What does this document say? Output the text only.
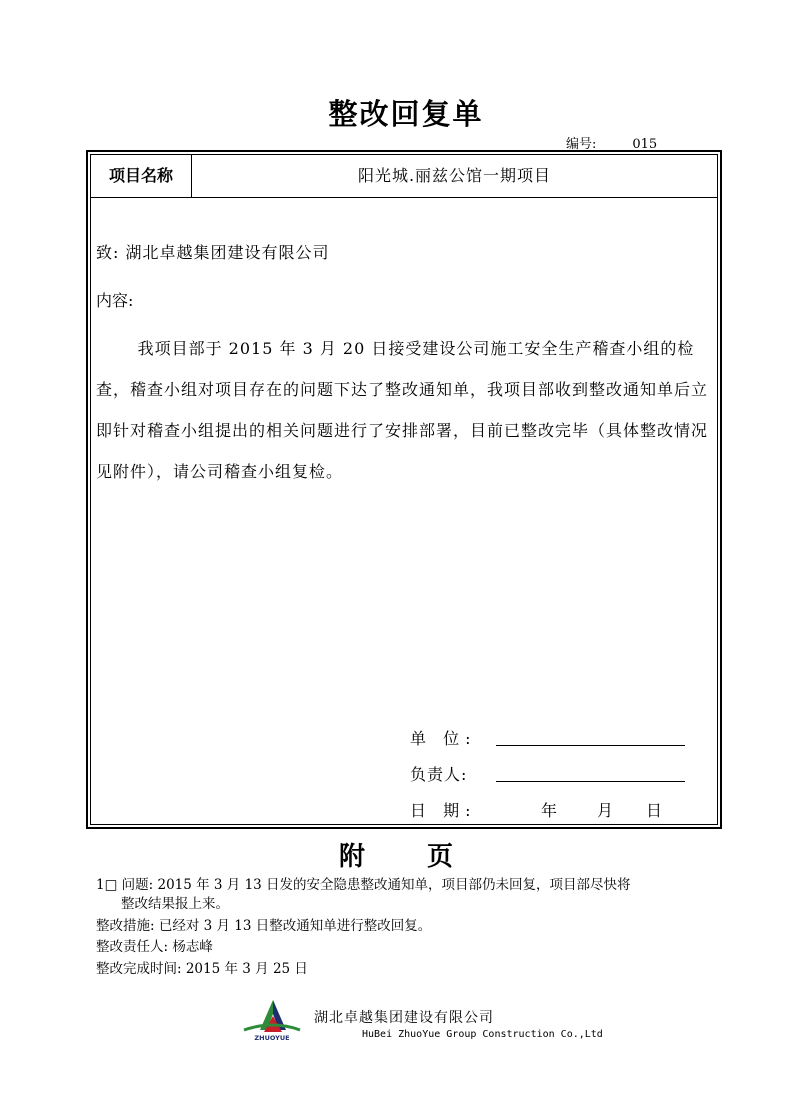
整改回复单
编号:	015
项目名称	阳光城.丽兹公馆一期项目
致: 湖北卓越集团建设有限公司
内容:

我项目部于 2015 年 3 月 20 日接受建设公司施工安全生产稽查小组的检查，稽查小组对项目存在的问题下达了整改通知单，我项目部收到整改通知单后立即针对稽查小组提出的相关问题进行了安排部署，目前已整改完毕（具体整改情况见附件），请公司稽查小组复检。

单 位:
负责人:
日 期:	年 月 日
附 页
1□ 问题: 2015 年 3 月 13 日发的安全隐患整改通知单，项目部仍未回复，项目部尽快将
整改结果报上来。
整改措施: 已经对 3 月 13 日整改通知单进行整改回复。
整改责任人: 杨志峰
整改完成时间: 2015 年 3 月 25 日
ZHUOYUE
湖北卓越集团建设有限公司
HuBei ZhuoYue Group Construction Co.,Ltd
